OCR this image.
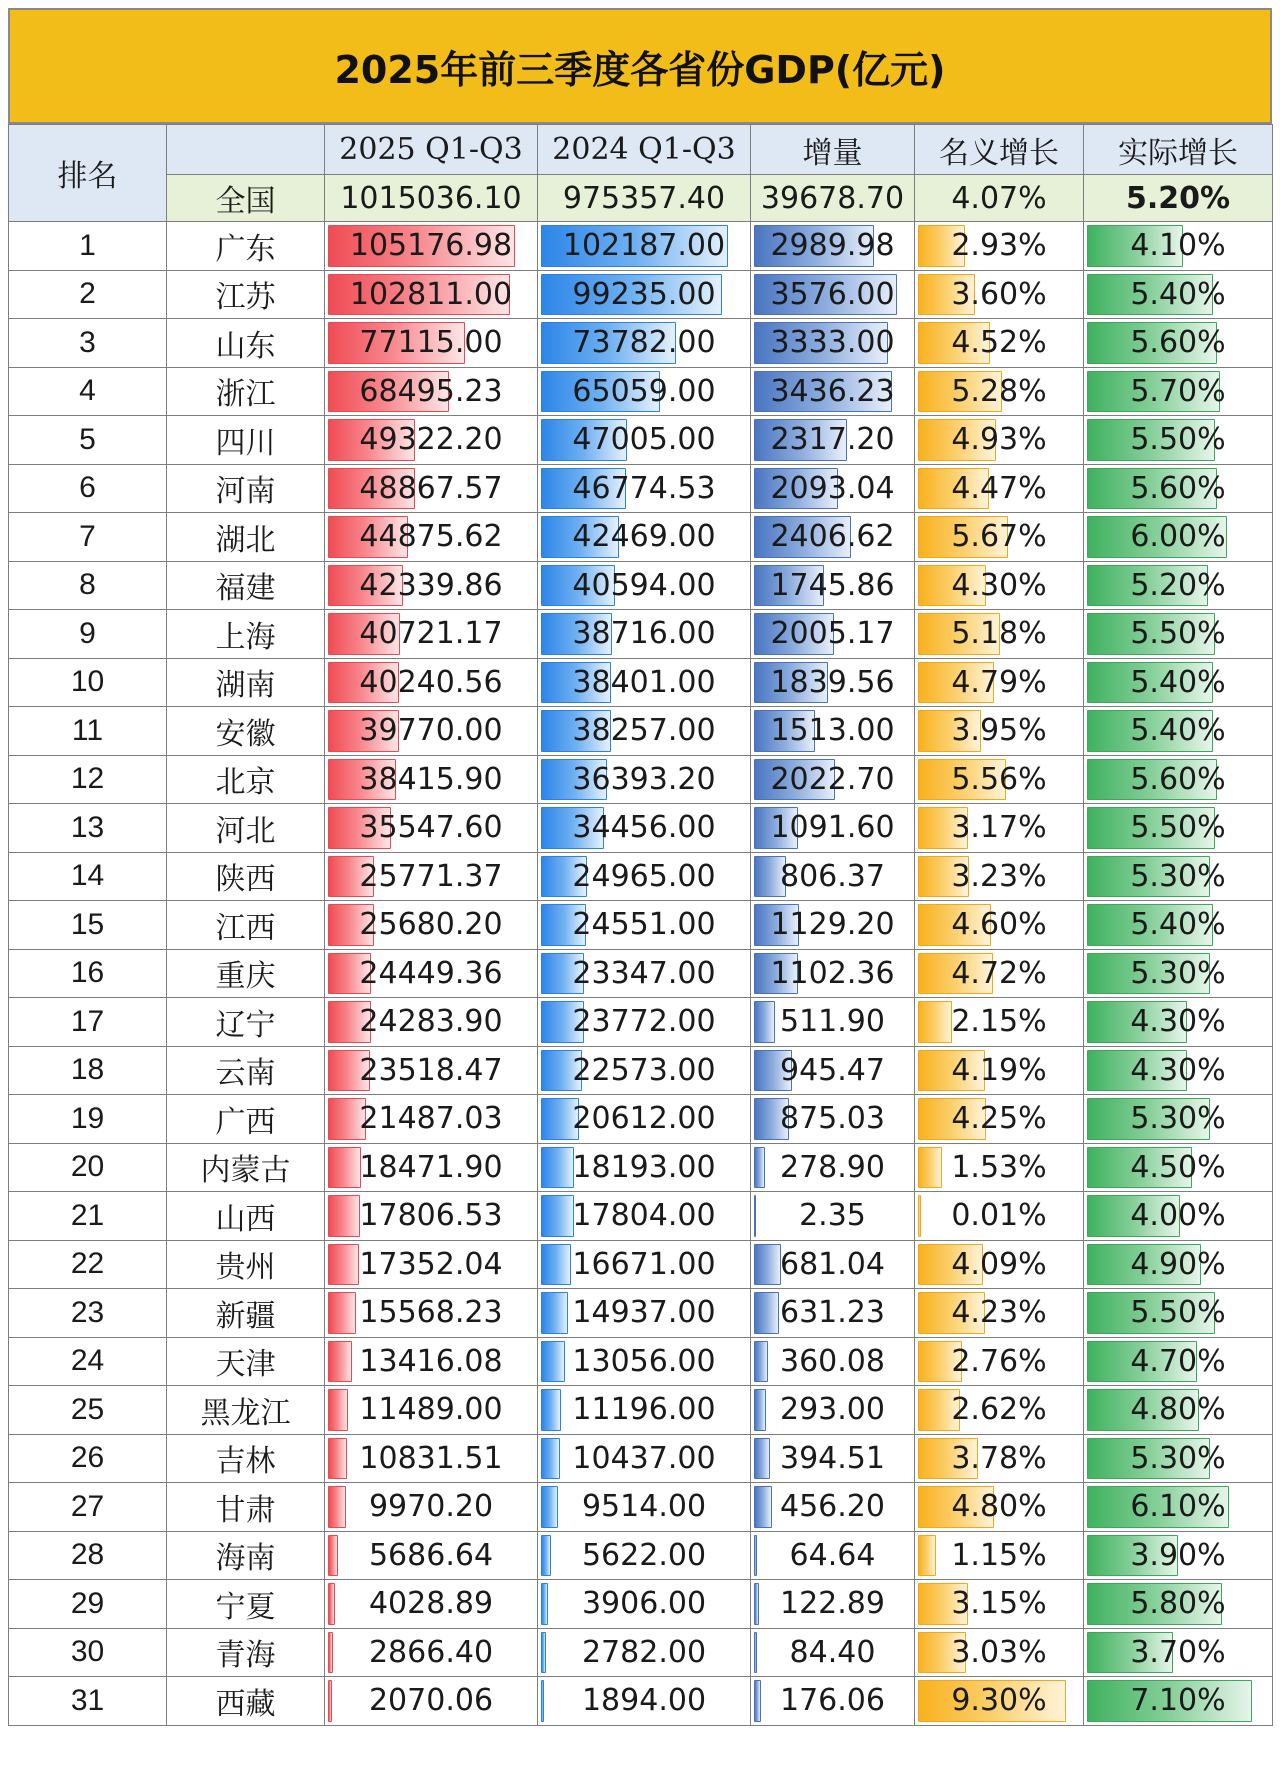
2025年前三季度各省份GDP(亿元)
排名		2025 Q1-Q3	2024 Q1-Q3	增量	名义增长	实际增长
	全国	1015036.10	975357.40	39678.70	4.07%	5.20%
1	广东	105176.98	102187.00	2989.98	2.93%	4.10%
2	江苏	102811.00	99235.00	3576.00	3.60%	5.40%
3	山东	77115.00	73782.00	3333.00	4.52%	5.60%
4	浙江	68495.23	65059.00	3436.23	5.28%	5.70%
5	四川	49322.20	47005.00	2317.20	4.93%	5.50%
6	河南	48867.57	46774.53	2093.04	4.47%	5.60%
7	湖北	44875.62	42469.00	2406.62	5.67%	6.00%
8	福建	42339.86	40594.00	1745.86	4.30%	5.20%
9	上海	40721.17	38716.00	2005.17	5.18%	5.50%
10	湖南	40240.56	38401.00	1839.56	4.79%	5.40%
11	安徽	39770.00	38257.00	1513.00	3.95%	5.40%
12	北京	38415.90	36393.20	2022.70	5.56%	5.60%
13	河北	35547.60	34456.00	1091.60	3.17%	5.50%
14	陕西	25771.37	24965.00	806.37	3.23%	5.30%
15	江西	25680.20	24551.00	1129.20	4.60%	5.40%
16	重庆	24449.36	23347.00	1102.36	4.72%	5.30%
17	辽宁	24283.90	23772.00	511.90	2.15%	4.30%
18	云南	23518.47	22573.00	945.47	4.19%	4.30%
19	广西	21487.03	20612.00	875.03	4.25%	5.30%
20	内蒙古	18471.90	18193.00	278.90	1.53%	4.50%
21	山西	17806.53	17804.00	2.35	0.01%	4.00%
22	贵州	17352.04	16671.00	681.04	4.09%	4.90%
23	新疆	15568.23	14937.00	631.23	4.23%	5.50%
24	天津	13416.08	13056.00	360.08	2.76%	4.70%
25	黑龙江	11489.00	11196.00	293.00	2.62%	4.80%
26	吉林	10831.51	10437.00	394.51	3.78%	5.30%
27	甘肃	9970.20	9514.00	456.20	4.80%	6.10%
28	海南	5686.64	5622.00	64.64	1.15%	3.90%
29	宁夏	4028.89	3906.00	122.89	3.15%	5.80%
30	青海	2866.40	2782.00	84.40	3.03%	3.70%
31	西藏	2070.06	1894.00	176.06	9.30%	7.10%
